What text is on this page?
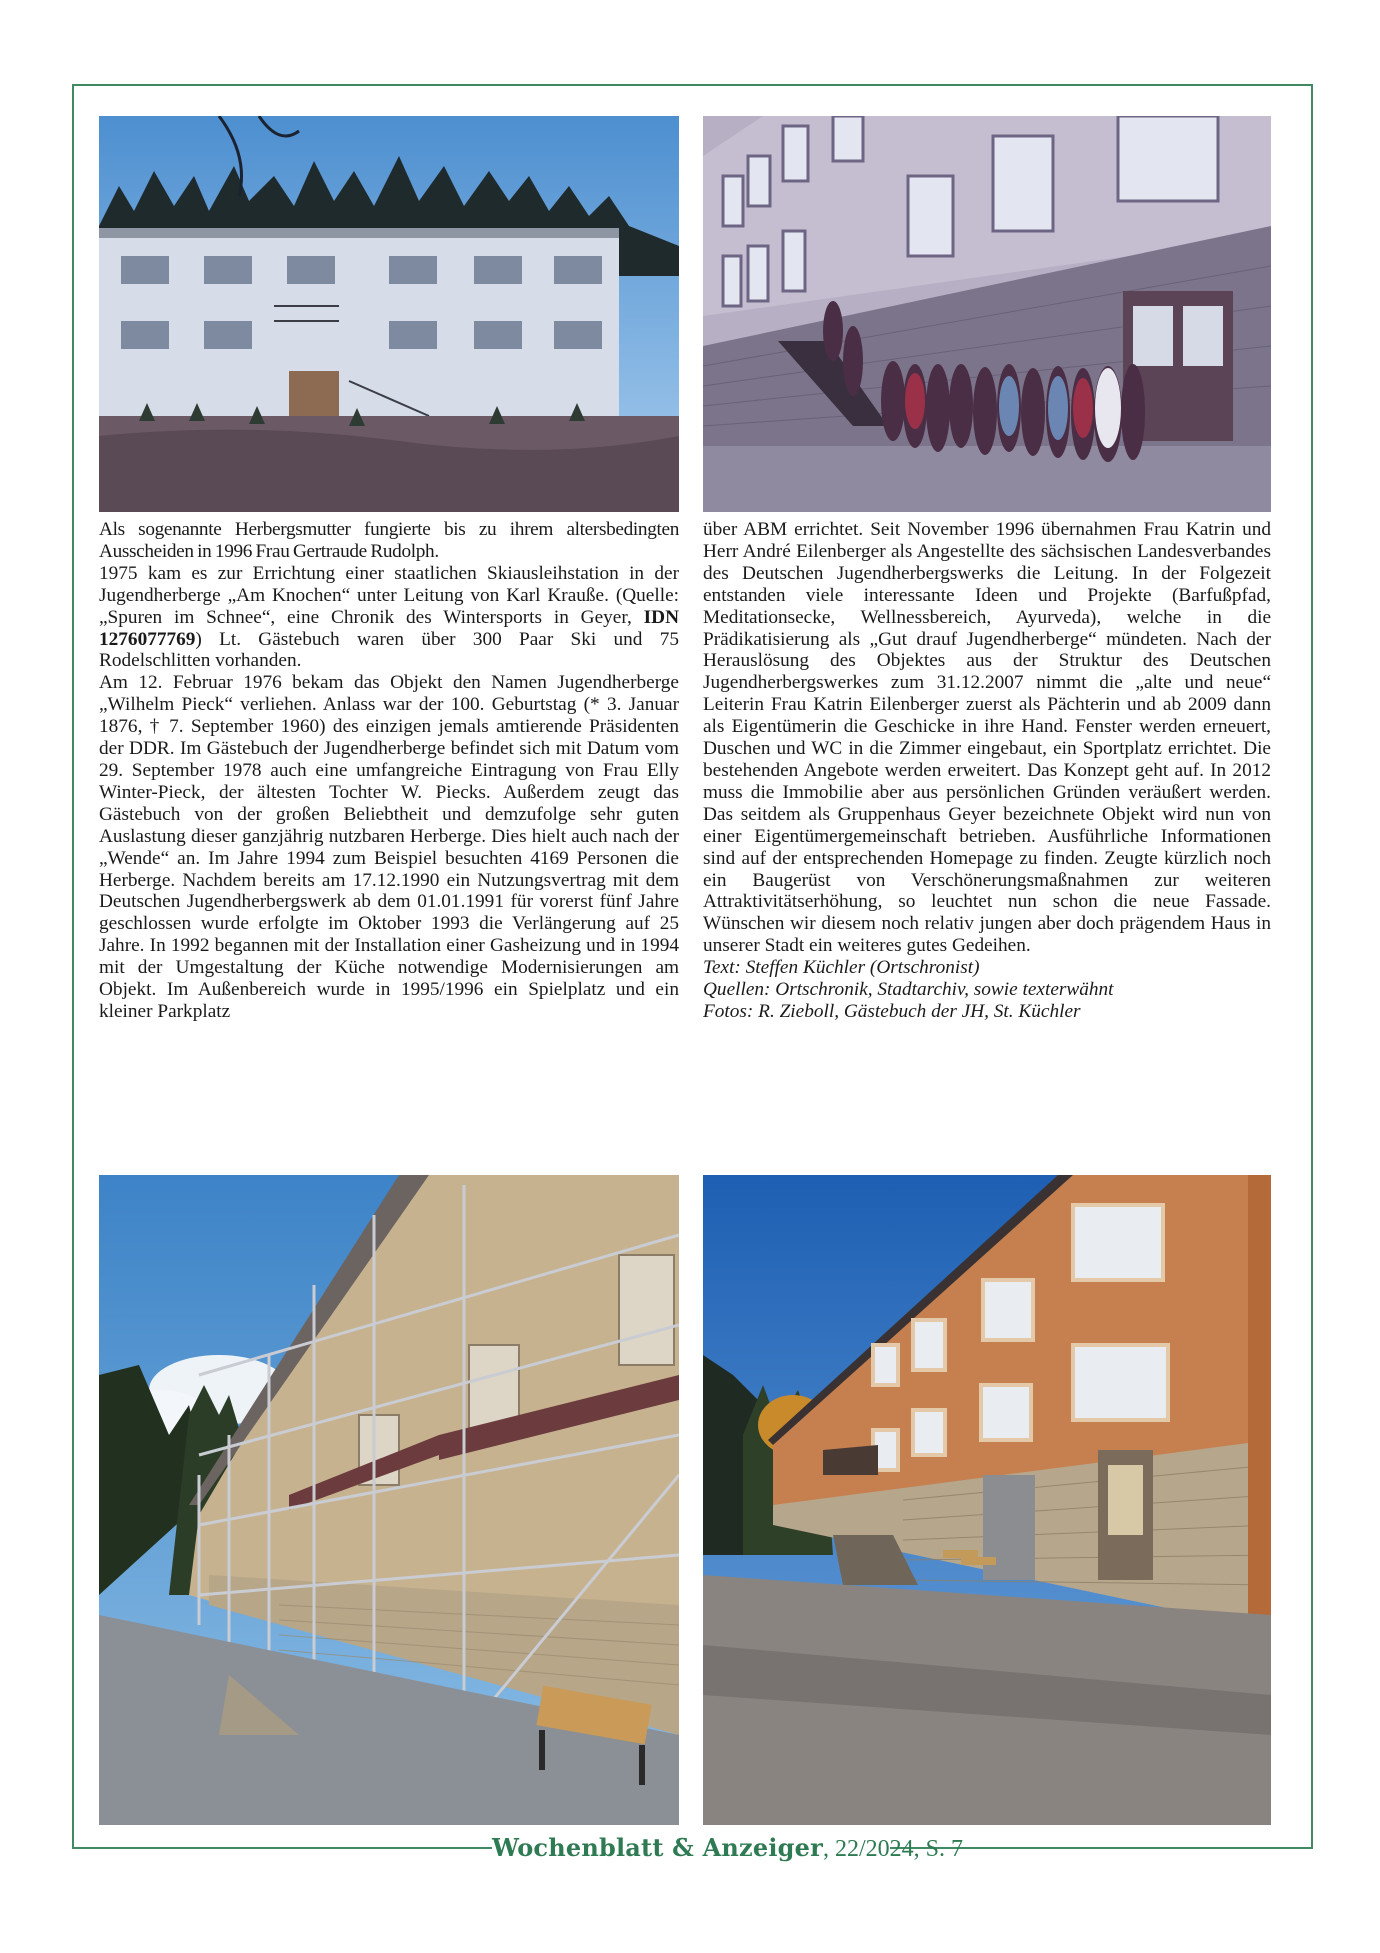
Als sogenannte Herbergsmutter fungierte bis zu ihrem altersbedingten Ausscheiden in 1996 Frau Gertraude Rudolph.

1975 kam es zur Errichtung einer staatlichen Skiausleihstation in der Jugendherberge „Am Knochen“ unter Leitung von Karl Krauße. (Quelle: „Spuren im Schnee“, eine Chronik des Wintersports in Geyer, IDN 1276077769) Lt. Gästebuch waren über 300 Paar Ski und 75 Rodelschlitten vorhanden.

Am 12. Februar 1976 bekam das Objekt den Namen Jugendherberge „Wilhelm Pieck“ verliehen. Anlass war der 100. Geburtstag (* 3. Januar 1876, † 7. September 1960) des einzigen jemals amtierende Präsidenten der DDR. Im Gästebuch der Jugendherberge befindet sich mit Datum vom 29. September 1978 auch eine umfangreiche Eintragung von Frau Elly Winter-Pieck, der ältesten Tochter W. Piecks. Außerdem zeugt das Gästebuch von der großen Beliebtheit und demzufolge sehr guten Auslastung dieser ganzjährig nutzbaren Herberge. Dies hielt auch nach der „Wende“ an. Im Jahre 1994 zum Beispiel besuchten 4169 Personen die Herberge. Nachdem bereits am 17.12.1990 ein Nutzungsvertrag mit dem Deutschen Jugendherbergswerk ab dem 01.01.1991 für vorerst fünf Jahre geschlossen wurde erfolgte im Oktober 1993 die Verlängerung auf 25 Jahre. In 1992 begannen mit der Installation einer Gasheizung und in 1994 mit der Umgestaltung der Küche notwendige Modernisierungen am Objekt. Im Außenbereich wurde in 1995/1996 ein Spielplatz und ein kleiner Parkplatz

über ABM errichtet. Seit November 1996 übernahmen Frau Katrin und Herr André Eilenberger als Angestellte des sächsischen Landesverbandes des Deutschen Jugendherbergswerks die Leitung. In der Folgezeit entstanden viele interessante Ideen und Projekte (Barfußpfad, Meditationsecke, Wellnessbereich, Ayurveda), welche in die Prädikatisierung als „Gut drauf Jugendherberge“ mündeten. Nach der Herauslösung des Objektes aus der Struktur des Deutschen Jugendherbergswerkes zum 31.12.2007 nimmt die „alte und neue“ Leiterin Frau Katrin Eilenberger zuerst als Pächterin und ab 2009 dann als Eigentümerin die Geschicke in ihre Hand. Fenster werden erneuert, Duschen und WC in die Zimmer eingebaut, ein Sportplatz errichtet. Die bestehenden Angebote werden erweitert. Das Konzept geht auf. In 2012 muss die Immobilie aber aus persönlichen Gründen veräußert werden. Das seitdem als Gruppenhaus Geyer bezeichnete Objekt wird nun von einer Eigentümergemeinschaft betrieben. Ausführliche Informationen sind auf der entsprechenden Homepage zu finden. Zeugte kürzlich noch ein Baugerüst von Verschönerungsmaßnahmen zur weiteren Attraktivitätserhöhung, so leuchtet nun schon die neue Fassade. Wünschen wir diesem noch relativ jungen aber doch prägendem Haus in unserer Stadt ein weiteres gutes Gedeihen.

Text: Steffen Küchler (Ortschronist)

Quellen: Ortschronik, Stadtarchiv, sowie texterwähnt

Fotos: R. Zieboll, Gästebuch der JH, St. Küchler

Wochenblatt & Anzeiger, 22/2024, S. 7
